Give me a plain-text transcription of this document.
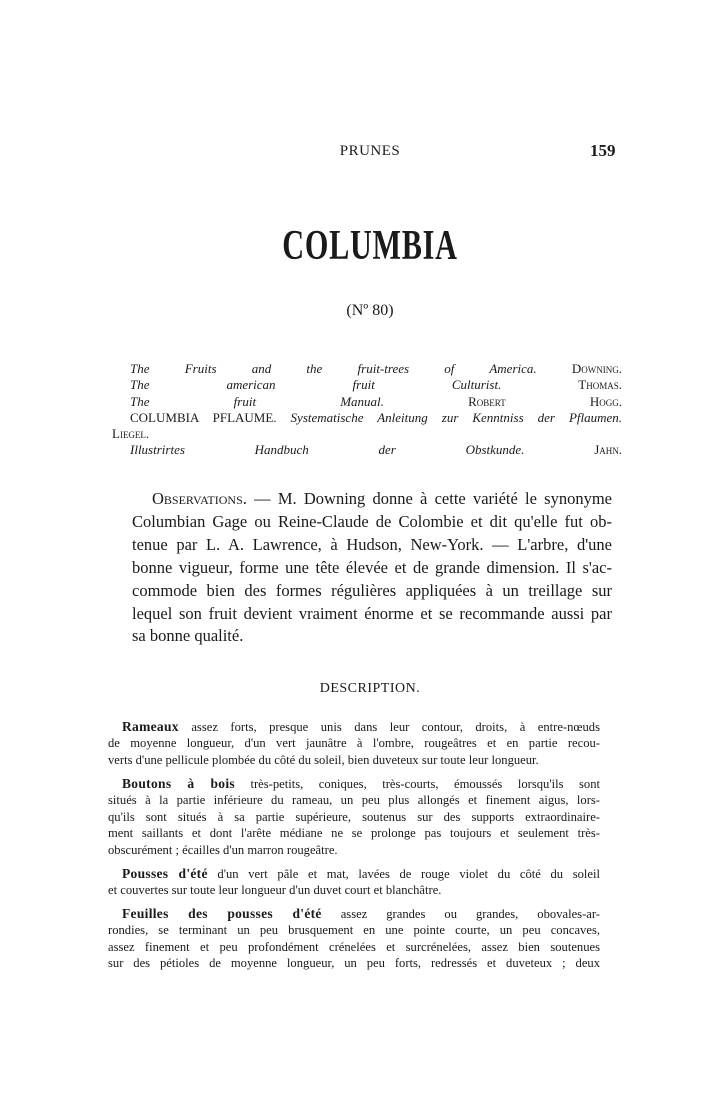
PRUNES	159
COLUMBIA
(Nº 80)
The Fruits and the fruit-trees of America.	Downing.
The american fruit Culturist.	Thomas.
The fruit Manual.	Robert Hogg.
COLUMBIA PFLAUME. Systematische Anleitung zur Kenntniss der Pflaumen.
Liegel.
Illustrirtes Handbuch der Obstkunde.	Jahn.
Observations. — M. Downing donne à cette variété le synonyme
Columbian Gage ou Reine-Claude de Colombie et dit qu'elle fut ob-
tenue par L. A. Lawrence, à Hudson, New-York. — L'arbre, d'une
bonne vigueur, forme une tête élevée et de grande dimension. Il s'ac-
commode bien des formes régulières appliquées à un treillage sur
lequel son fruit devient vraiment énorme et se recommande aussi par
sa bonne qualité.
DESCRIPTION.
Rameaux assez forts, presque unis dans leur contour, droits, à entre-nœuds
de moyenne longueur, d'un vert jaunâtre à l'ombre, rougeâtres et en partie recou-
verts d'une pellicule plombée du côté du soleil, bien duveteux sur toute leur longueur.
Boutons à bois très-petits, coniques, très-courts, émoussés lorsqu'ils sont
situés à la partie inférieure du rameau, un peu plus allongés et finement aigus, lors-
qu'ils sont situés à sa partie supérieure, soutenus sur des supports extraordinaire-
ment saillants et dont l'arête médiane ne se prolonge pas toujours et seulement très-
obscurément ; écailles d'un marron rougeâtre.
Pousses d'été d'un vert pâle et mat, lavées de rouge violet du côté du soleil
et couvertes sur toute leur longueur d'un duvet court et blanchâtre.
Feuilles des pousses d'été assez grandes ou grandes, obovales-ar-
rondies, se terminant un peu brusquement en une pointe courte, un peu concaves,
assez finement et peu profondément crénelées et surcrénelées, assez bien soutenues
sur des pétioles de moyenne longueur, un peu forts, redressés et duveteux ; deux
